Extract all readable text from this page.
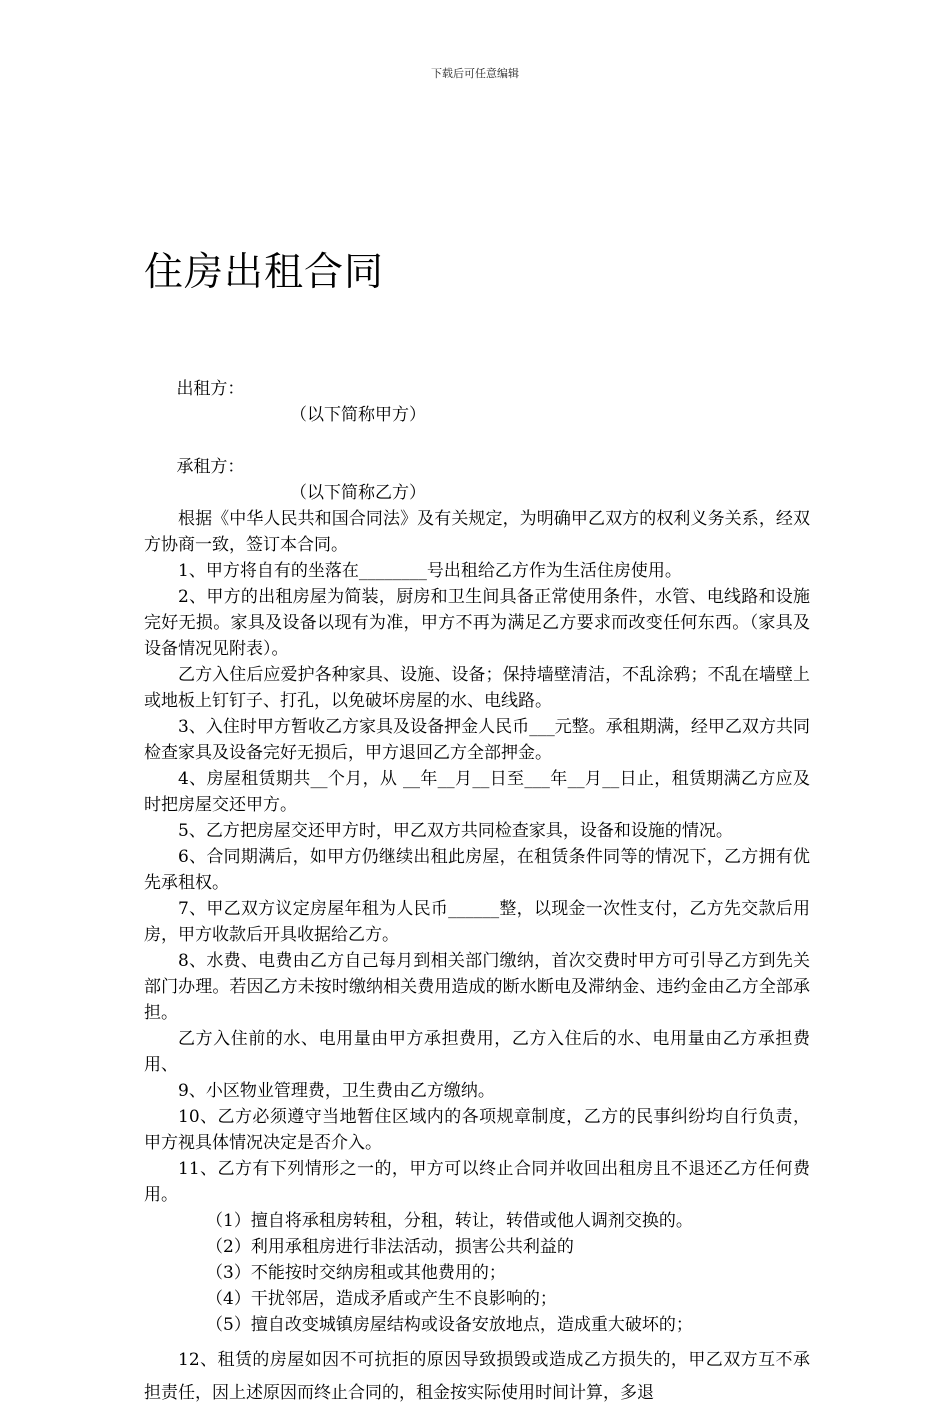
下载后可任意编辑
住房出租合同

出租方：

（以下简称甲方）

承租方：

（以下简称乙方）

根据《中华人民共和国合同法》及有关规定，为明确甲乙双方的权利义务关系，经双方协商一致，签订本合同。

1、甲方将自有的坐落在________号出租给乙方作为生活住房使用。

2、甲方的出租房屋为简装，厨房和卫生间具备正常使用条件，水管、电线路和设施完好无损。家具及设备以现有为准，甲方不再为满足乙方要求而改变任何东西。（家具及设备情况见附表）。

乙方入住后应爱护各种家具、设施、设备；保持墙壁清洁，不乱涂鸦；不乱在墙壁上或地板上钉钉子、打孔，以免破坏房屋的水、电线路。

3、入住时甲方暂收乙方家具及设备押金人民币___元整。承租期满，经甲乙双方共同检查家具及设备完好无损后，甲方退回乙方全部押金。

4、房屋租赁期共__个月，从 __年__月__日至___年__月__日止，租赁期满乙方应及时把房屋交还甲方。

5、乙方把房屋交还甲方时，甲乙双方共同检查家具，设备和设施的情况。

6、合同期满后，如甲方仍继续出租此房屋，在租赁条件同等的情况下，乙方拥有优先承租权。

7、甲乙双方议定房屋年租为人民币______整，以现金一次性支付，乙方先交款后用房，甲方收款后开具收据给乙方。

8、水费、电费由乙方自己每月到相关部门缴纳，首次交费时甲方可引导乙方到先关部门办理。若因乙方未按时缴纳相关费用造成的断水断电及滞纳金、违约金由乙方全部承担。

乙方入住前的水、电用量由甲方承担费用，乙方入住后的水、电用量由乙方承担费用、

9、小区物业管理费，卫生费由乙方缴纳。

10、乙方必须遵守当地暂住区域内的各项规章制度，乙方的民事纠纷均自行负责，甲方视具体情况决定是否介入。

11、乙方有下列情形之一的，甲方可以终止合同并收回出租房且不退还乙方任何费用。

（1）擅自将承租房转租，分租，转让，转借或他人调剂交换的。

（2）利用承租房进行非法活动，损害公共利益的

（3）不能按时交纳房租或其他费用的；

（4）干扰邻居，造成矛盾或产生不良影响的；

（5）擅自改变城镇房屋结构或设备安放地点，造成重大破坏的；

12、租赁的房屋如因不可抗拒的原因导致损毁或造成乙方损失的，甲乙双方互不承担责任，因上述原因而终止合同的，租金按实际使用时间计算，多退
